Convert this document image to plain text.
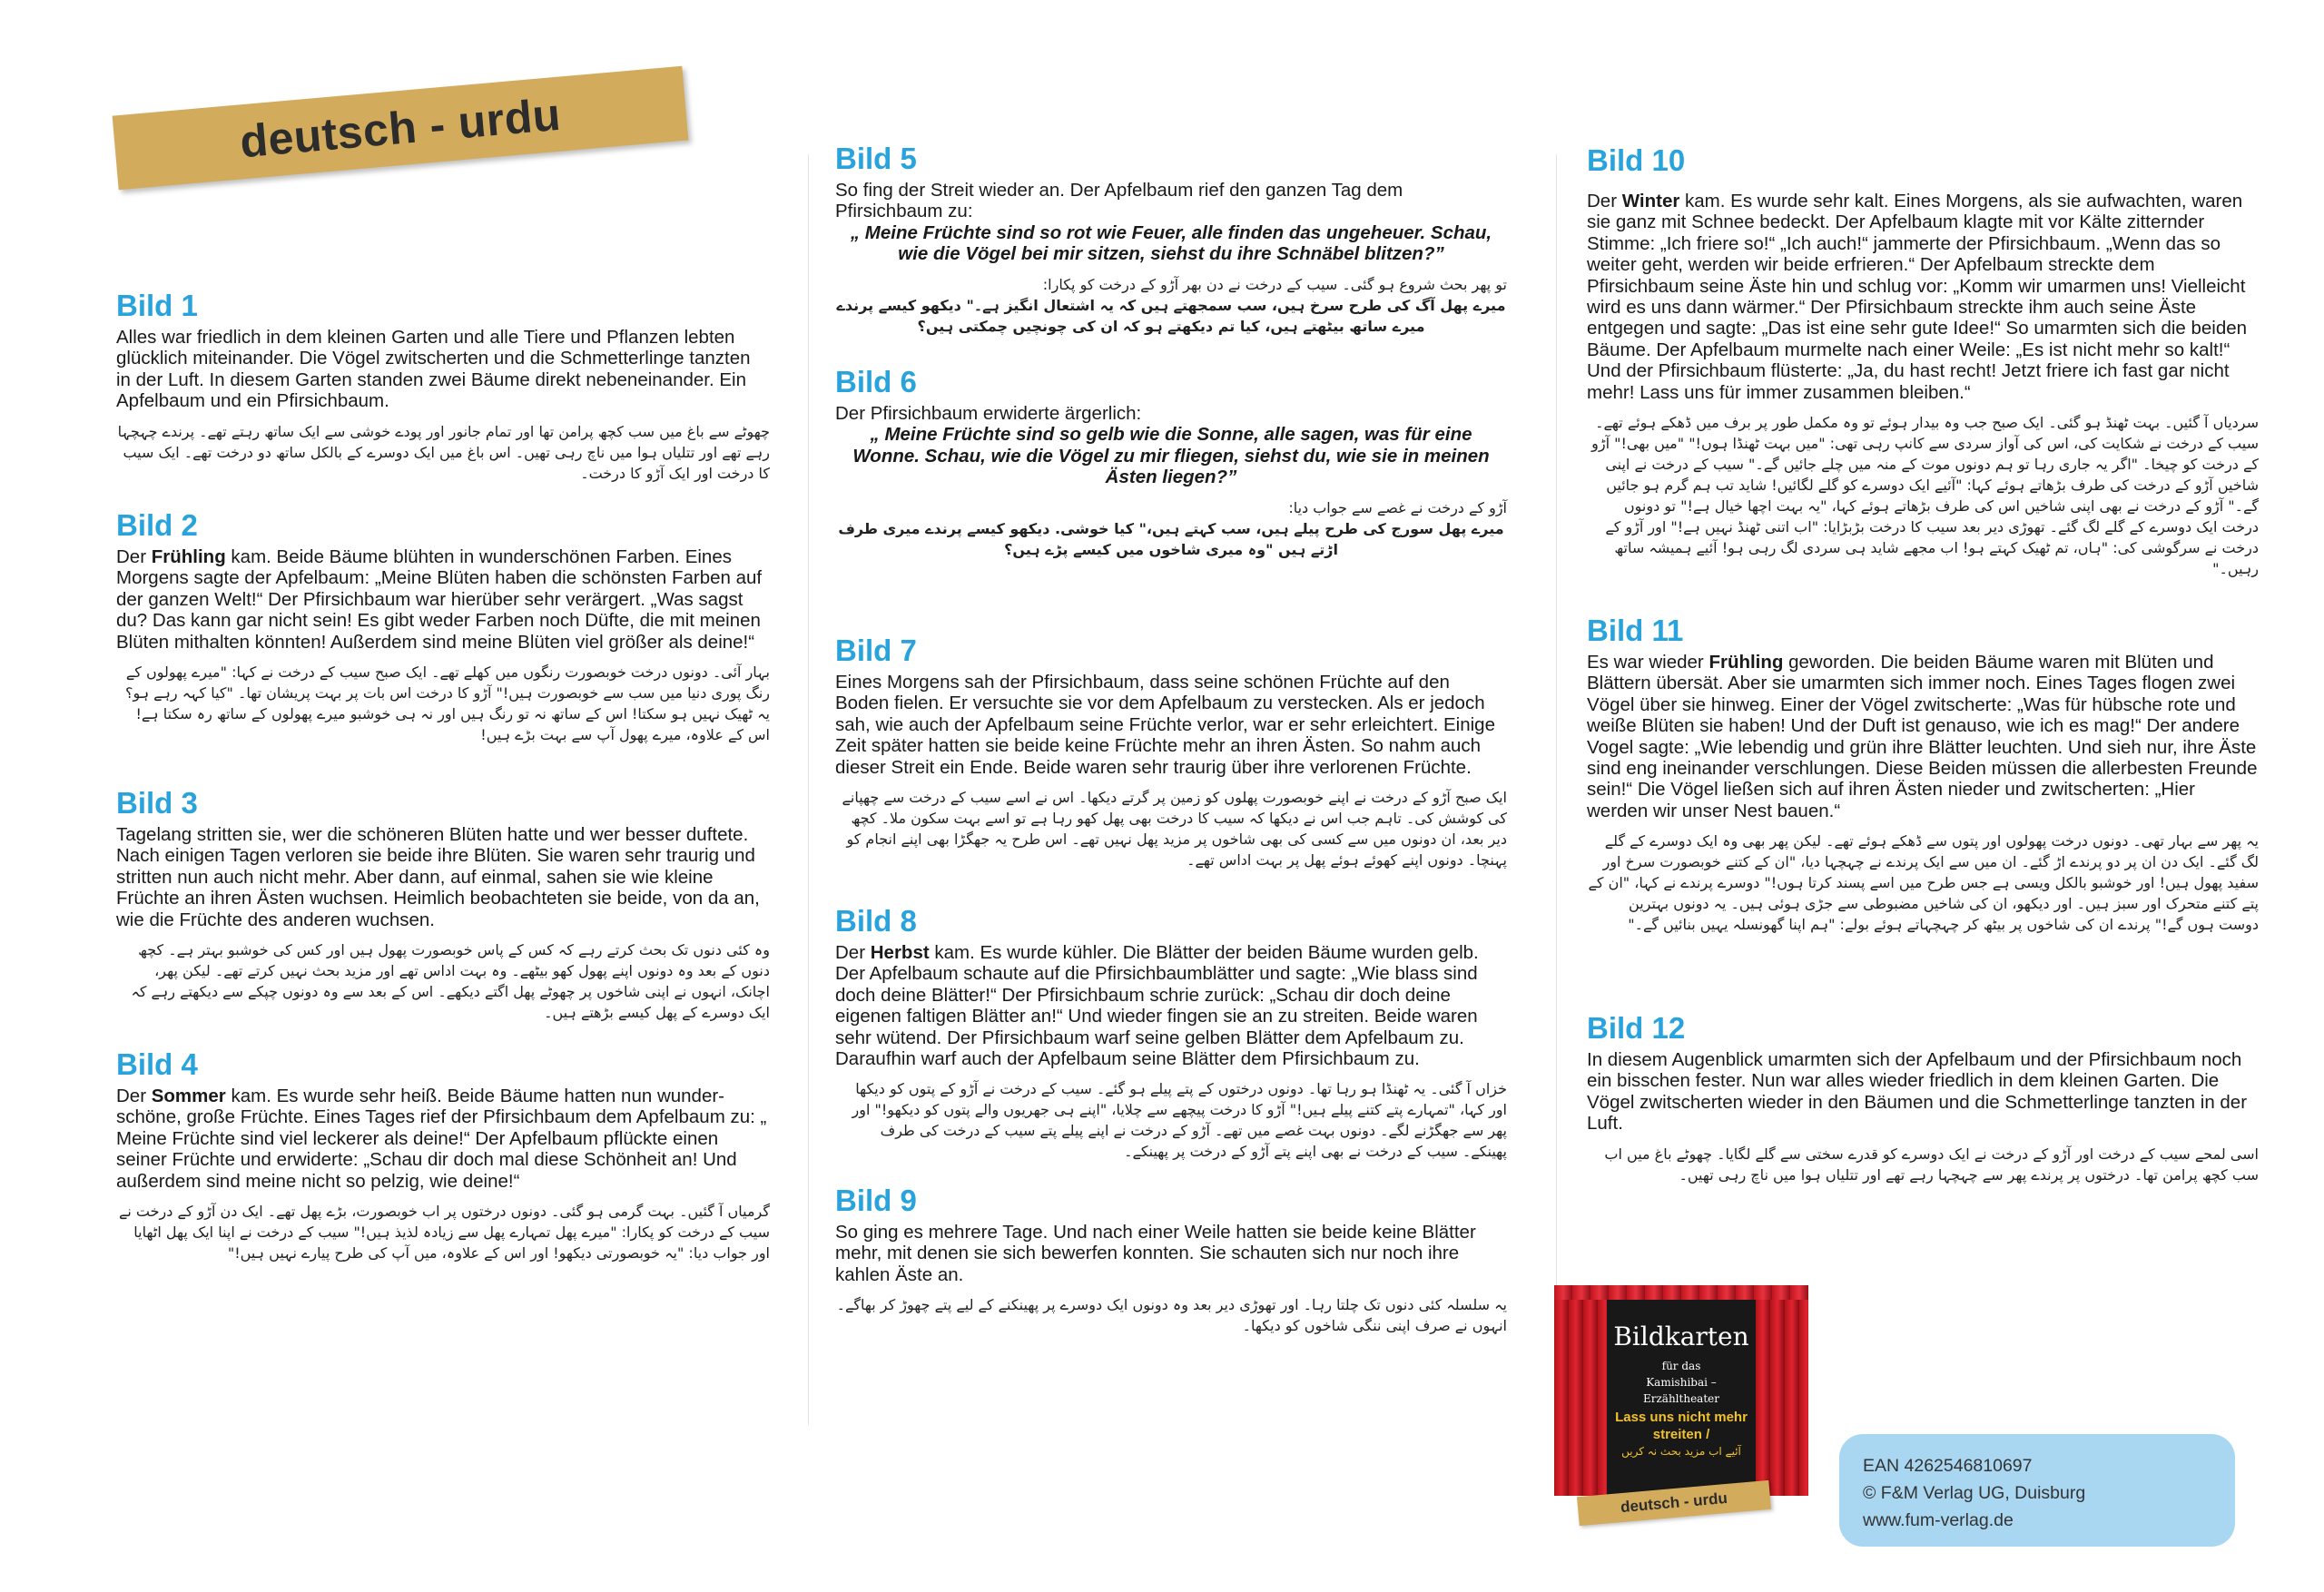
deutsch - urdu
Bild 1

Alles war friedlich in dem kleinen Garten und alle Tiere und Pflanzen lebten glücklich miteinander. Die Vögel zwitscherten und die Schmetterlinge tanzten in der Luft. In diesem Garten standen zwei Bäume direkt nebeneinander. Ein Apfelbaum und ein Pfirsichbaum.

چھوٹے سے باغ میں سب کچھ پرامن تھا اور تمام جانور اور پودے خوشی سے ایک ساتھ رہتے تھے۔ پرندے چہچہا رہے تھے اور تتلیاں ہوا میں ناچ رہی تھیں۔ اس باغ میں ایک دوسرے کے بالکل ساتھ دو درخت تھے۔ ایک سیب کا درخت اور ایک آڑو کا درخت۔

Bild 2

Der Frühling kam. Beide Bäume blühten in wunderschönen Farben. Eines Morgens sagte der Apfelbaum: „Meine Blüten haben die schönsten Farben auf der ganzen Welt!“ Der Pfirsichbaum war hierüber sehr verärgert. „Was sagst du? Das kann gar nicht sein! Es gibt weder Farben noch Düfte, die mit meinen Blüten mithalten könnten! Außerdem sind meine Blüten viel größer als deine!“

بہار آئی۔ دونوں درخت خوبصورت رنگوں میں کھلے تھے۔ ایک صبح سیب کے درخت نے کہا: "میرے پھولوں کے رنگ پوری دنیا میں سب سے خوبصورت ہیں!" آڑو کا درخت اس بات پر بہت پریشان تھا۔ "کیا کہہ رہے ہو؟ یہ ٹھیک نہیں ہو سکتا! اس کے ساتھ نہ تو رنگ ہیں اور نہ ہی خوشبو میرے پھولوں کے ساتھ رہ سکتا ہے! اس کے علاوہ، میرے پھول آپ سے بہت بڑے ہیں!

Bild 3

Tagelang stritten sie, wer die schöneren Blüten hatte und wer besser duftete. Nach einigen Tagen verloren sie beide ihre Blüten. Sie waren sehr traurig und stritten nun auch nicht mehr. Aber dann, auf einmal, sahen sie wie kleine Früchte an ihren Ästen wuchsen. Heimlich beobachteten sie beide, von da an, wie die Früchte des anderen wuchsen.

وہ کئی دنوں تک بحث کرتے رہے کہ کس کے پاس خوبصورت پھول ہیں اور کس کی خوشبو بہتر ہے۔ کچھ دنوں کے بعد وہ دونوں اپنے پھول کھو بیٹھے۔ وہ بہت اداس تھے اور مزید بحث نہیں کرتے تھے۔ لیکن پھر، اچانک، انہوں نے اپنی شاخوں پر چھوٹے پھل اگتے دیکھے۔ اس کے بعد سے وہ دونوں چپکے سے دیکھتے رہے کہ ایک دوسرے کے پھل کیسے بڑھتے ہیں۔

Bild 4

Der Sommer kam. Es wurde sehr heiß. Beide Bäume hatten nun wunder-schöne, große Früchte. Eines Tages rief der Pfirsichbaum dem Apfelbaum zu: „ Meine Früchte sind viel leckerer als deine!“ Der Apfelbaum pflückte einen seiner Früchte und erwiderte: „Schau dir doch mal diese Schönheit an! Und außerdem sind meine nicht so pelzig, wie deine!“

گرمیاں آ گئیں۔ بہت گرمی ہو گئی۔ دونوں درختوں پر اب خوبصورت، بڑے پھل تھے۔ ایک دن آڑو کے درخت نے سیب کے درخت کو پکارا: "میرے پھل تمہارے پھل سے زیادہ لذیذ ہیں!" سیب کے درخت نے اپنا ایک پھل اٹھایا اور جواب دیا: "یہ خوبصورتی دیکھو! اور اس کے علاوہ، میں آپ کی طرح پیارے نہیں ہیں!"

Bild 5

So fing der Streit wieder an. Der Apfelbaum rief den ganzen Tag dem Pfirsichbaum zu:

„ Meine Früchte sind so rot wie Feuer, alle finden das ungeheuer. Schau, wie die Vögel bei mir sitzen, siehst du ihre Schnäbel blitzen?”

تو پھر بحث شروع ہو گئی۔ سیب کے درخت نے دن بھر آڑو کے درخت کو پکارا:

میرے پھل آگ کی طرح سرخ ہیں، سب سمجھتے ہیں کہ یہ اشتعال انگیز ہے۔" دیکھو کیسے پرندے میرے ساتھ بیٹھتے ہیں، کیا تم دیکھتے ہو کہ ان کی چونچیں چمکتی ہیں؟

Bild 6

Der Pfirsichbaum erwiderte ärgerlich:

„ Meine Früchte sind so gelb wie die Sonne, alle sagen, was für eine Wonne. Schau, wie die Vögel zu mir fliegen, siehst du, wie sie in meinen Ästen liegen?”

آڑو کے درخت نے غصے سے جواب دیا:

میرے پھل سورج کی طرح پیلے ہیں، سب کہتے ہیں،" کیا خوشی. دیکھو کیسے پرندے میری طرف اڑتے ہیں "وہ میری شاخوں میں کیسے پڑے ہیں؟

Bild 7

Eines Morgens sah der Pfirsichbaum, dass seine schönen Früchte auf den Boden fielen. Er versuchte sie vor dem Apfelbaum zu verstecken. Als er jedoch sah, wie auch der Apfelbaum seine Früchte verlor, war er sehr erleichtert. Einige Zeit später hatten sie beide keine Früchte mehr an ihren Ästen. So nahm auch dieser Streit ein Ende. Beide waren sehr traurig über ihre verlorenen Früchte.

ایک صبح آڑو کے درخت نے اپنے خوبصورت پھلوں کو زمین پر گرتے دیکھا۔ اس نے اسے سیب کے درخت سے چھپانے کی کوشش کی۔ تاہم جب اس نے دیکھا کہ سیب کا درخت بھی پھل کھو رہا ہے تو اسے بہت سکون ملا۔ کچھ دیر بعد، ان دونوں میں سے کسی کی بھی شاخوں پر مزید پھل نہیں تھے۔ اس طرح یہ جھگڑا بھی اپنے انجام کو پہنچا۔ دونوں اپنے کھوئے ہوئے پھل پر بہت اداس تھے۔

Bild 8

Der Herbst kam. Es wurde kühler. Die Blätter der beiden Bäume wurden gelb. Der Apfelbaum schaute auf die Pfirsichbaumblätter und sagte: „Wie blass sind doch deine Blätter!“ Der Pfirsichbaum schrie zurück: „Schau dir doch deine eigenen faltigen Blätter an!“ Und wieder fingen sie an zu streiten. Beide waren sehr wütend. Der Pfirsichbaum warf seine gelben Blätter dem Apfelbaum zu. Daraufhin warf auch der Apfelbaum seine Blätter dem Pfirsichbaum zu.

خزاں آ گئی۔ یہ ٹھنڈا ہو رہا تھا۔ دونوں درختوں کے پتے پیلے ہو گئے۔ سیب کے درخت نے آڑو کے پتوں کو دیکھا اور کہا، "تمہارے پتے کتنے پیلے ہیں!" آڑو کا درخت پیچھے سے چلایا، "اپنے ہی جھریوں والے پتوں کو دیکھو!" اور پھر سے جھگڑنے لگے۔ دونوں بہت غصے میں تھے۔ آڑو کے درخت نے اپنے پیلے پتے سیب کے درخت کی طرف پھینکے۔ سیب کے درخت نے بھی اپنے پتے آڑو کے درخت پر پھینکے۔

Bild 9

So ging es mehrere Tage. Und nach einer Weile hatten sie beide keine Blätter mehr, mit denen sie sich bewerfen konnten. Sie schauten sich nur noch ihre kahlen Äste an.

یہ سلسلہ کئی دنوں تک چلتا رہا۔ اور تھوڑی دیر بعد وہ دونوں ایک دوسرے پر پھینکنے کے لیے پتے چھوڑ کر بھاگے۔ انہوں نے صرف اپنی ننگی شاخوں کو دیکھا۔

Bild 10

Der Winter kam. Es wurde sehr kalt. Eines Morgens, als sie aufwachten, waren sie ganz mit Schnee bedeckt. Der Apfelbaum klagte mit vor Kälte zitternder Stimme: „Ich friere so!“ „Ich auch!“ jammerte der Pfirsichbaum. „Wenn das so weiter geht, werden wir beide erfrieren.“ Der Apfelbaum streckte dem Pfirsichbaum seine Äste hin und schlug vor: „Komm wir umarmen uns! Vielleicht wird es uns dann wärmer.“ Der Pfirsichbaum streckte ihm auch seine Äste entgegen und sagte: „Das ist eine sehr gute Idee!“ So umarmten sich die beiden Bäume. Der Apfelbaum murmelte nach einer Weile: „Es ist nicht mehr so kalt!“ Und der Pfirsichbaum flüsterte: „Ja, du hast recht! Jetzt friere ich fast gar nicht mehr! Lass uns für immer zusammen bleiben.“

سردیاں آ گئیں۔ بہت ٹھنڈ ہو گئی۔ ایک صبح جب وہ بیدار ہوئے تو وہ مکمل طور پر برف میں ڈھکے ہوئے تھے۔ سیب کے درخت نے شکایت کی، اس کی آواز سردی سے کانپ رہی تھی: "میں بہت ٹھنڈا ہوں!" "میں بھی!" آڑو کے درخت کو چیخا۔ "اگر یہ جاری رہا تو ہم دونوں موت کے منہ میں چلے جائیں گے۔" سیب کے درخت نے اپنی شاخیں آڑو کے درخت کی طرف بڑھاتے ہوئے کہا: "آئیے ایک دوسرے کو گلے لگائیں! شاید تب ہم گرم ہو جائیں گے۔" آڑو کے درخت نے بھی اپنی شاخیں اس کی طرف بڑھاتے ہوئے کہا، "یہ بہت اچھا خیال ہے!" تو دونوں درخت ایک دوسرے کے گلے لگ گئے۔ تھوڑی دیر بعد سیب کا درخت بڑبڑایا: "اب اتنی ٹھنڈ نہیں ہے!" اور آڑو کے درخت نے سرگوشی کی: "ہاں، تم ٹھیک کہتے ہو! اب مجھے شاید ہی سردی لگ رہی ہو! آئیے ہمیشہ ساتھ رہیں۔"

Bild 11

Es war wieder Frühling geworden. Die beiden Bäume waren mit Blüten und Blättern übersät. Aber sie umarmten sich immer noch. Eines Tages flogen zwei Vögel über sie hinweg. Einer der Vögel zwitscherte: „Was für hübsche rote und weiße Blüten sie haben! Und der Duft ist genauso, wie ich es mag!“ Der andere Vogel sagte: „Wie lebendig und grün ihre Blätter leuchten. Und sieh nur, ihre Äste sind eng ineinander verschlungen. Diese Beiden müssen die allerbesten Freunde sein!“ Die Vögel ließen sich auf ihren Ästen nieder und zwitscherten: „Hier werden wir unser Nest bauen.“

یہ پھر سے بہار تھی۔ دونوں درخت پھولوں اور پتوں سے ڈھکے ہوئے تھے۔ لیکن پھر بھی وہ ایک دوسرے کے گلے لگ گئے۔ ایک دن ان پر دو پرندے اڑ گئے۔ ان میں سے ایک پرندے نے چہچہا دیا، "ان کے کتنے خوبصورت سرخ اور سفید پھول ہیں! اور خوشبو بالکل ویسی ہے جس طرح میں اسے پسند کرتا ہوں!" دوسرے پرندے نے کہا، "ان کے پتے کتنے متحرک اور سبز ہیں۔ اور دیکھو، ان کی شاخیں مضبوطی سے جڑی ہوئی ہیں۔ یہ دونوں بہترین دوست ہوں گے!" پرندے ان کی شاخوں پر بیٹھ کر چہچہاتے ہوئے بولے: "ہم اپنا گھونسلہ یہیں بنائیں گے۔"

Bild 12

In diesem Augenblick umarmten sich der Apfelbaum und der Pfirsichbaum noch ein bisschen fester. Nun war alles wieder friedlich in dem kleinen Garten. Die Vögel zwitscherten wieder in den Bäumen und die Schmetterlinge tanzten in der Luft.

اسی لمحے سیب کے درخت اور آڑو کے درخت نے ایک دوسرے کو قدرے سختی سے گلے لگایا۔ چھوٹے باغ میں اب سب کچھ پرامن تھا۔ درختوں پر پرندے پھر سے چہچہا رہے تھے اور تتلیاں ہوا میں ناچ رہی تھیں۔

Bildkarten
für das
Kamishibai – Erzähltheater
Lass uns nicht mehr streiten /
آئیے اب مزید بحث نہ کریں
deutsch - urdu
EAN 4262546810697
© F&M Verlag UG, Duisburg
www.fum-verlag.de
